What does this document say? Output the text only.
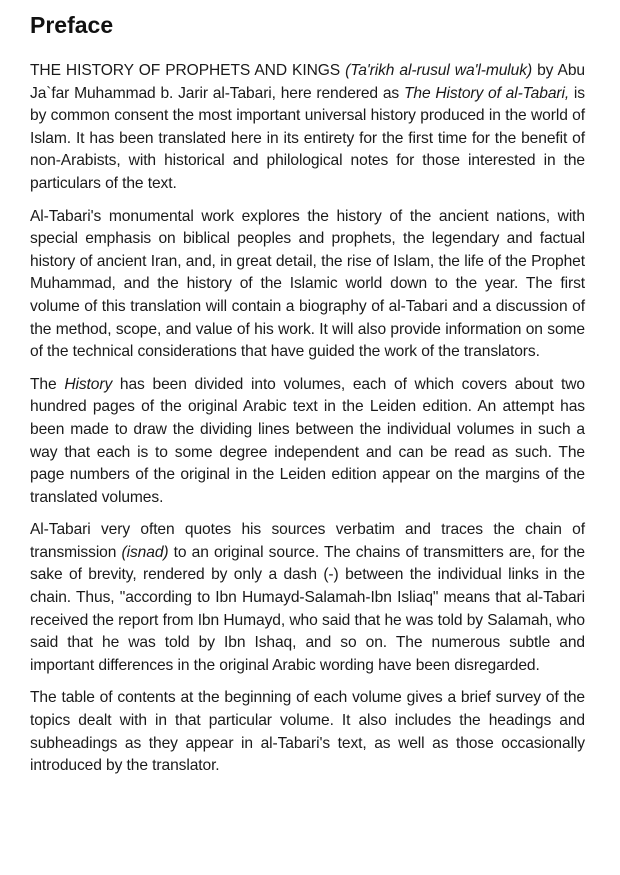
Preface

THE HISTORY OF PROPHETS AND KINGS (Ta'rikh al-rusul wa'l-muluk) by Abu Ja`far Muhammad b. Jarir al-Tabari, here rendered as The History of al-Tabari, is by common consent the most important universal history produced in the world of Islam. It has been translated here in its entirety for the first time for the benefit of non-Arabists, with historical and philological notes for those interested in the particulars of the text.

Al-Tabari's monumental work explores the history of the ancient nations, with special emphasis on biblical peoples and prophets, the legendary and factual history of ancient Iran, and, in great detail, the rise of Islam, the life of the Prophet Muhammad, and the history of the Islamic world down to the year. The first volume of this translation will contain a biography of al-Tabari and a discussion of the method, scope, and value of his work. It will also provide information on some of the technical considerations that have guided the work of the translators.

The History has been divided into volumes, each of which covers about two hundred pages of the original Arabic text in the Leiden edition. An attempt has been made to draw the dividing lines between the individual volumes in such a way that each is to some degree independent and can be read as such. The page numbers of the original in the Leiden edition appear on the margins of the translated volumes.

Al-Tabari very often quotes his sources verbatim and traces the chain of transmission (isnad) to an original source. The chains of transmitters are, for the sake of brevity, rendered by only a dash (-) between the individual links in the chain. Thus, "according to Ibn Humayd-Salamah-Ibn Isliaq" means that al-Tabari received the report from Ibn Humayd, who said that he was told by Salamah, who said that he was told by Ibn Ishaq, and so on. The numerous subtle and important differences in the original Arabic wording have been disregarded.

The table of contents at the beginning of each volume gives a brief survey of the topics dealt with in that particular volume. It also includes the headings and subheadings as they appear in al-Tabari's text, as well as those occasionally introduced by the translator.
